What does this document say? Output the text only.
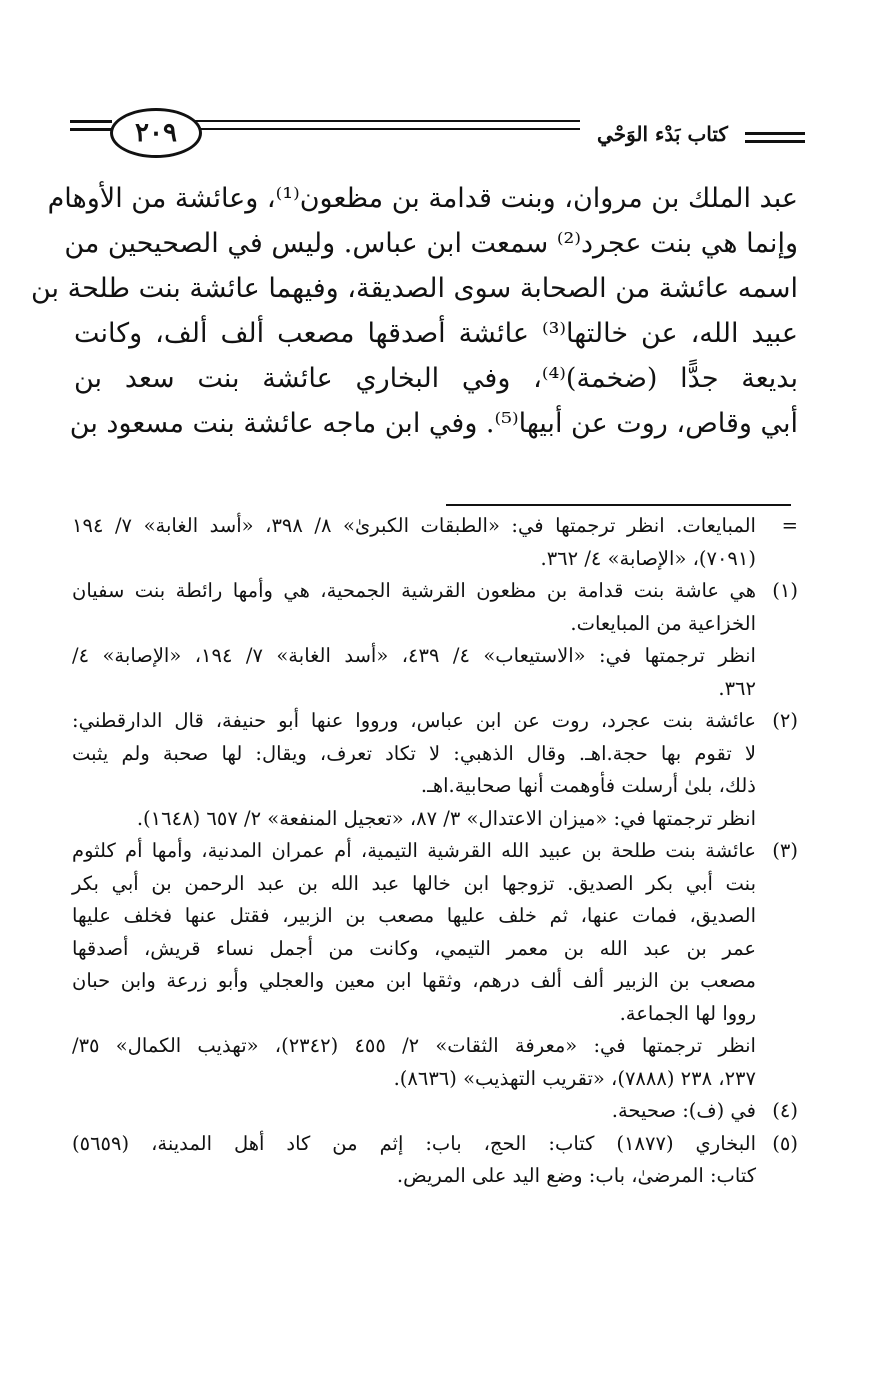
٢٠٩	كتاب بَدْء الوَحْي

عبد الملك بن مروان، وبنت قدامة بن مظعون⁽¹⁾، وعائشة من الأوهام

وإنما هي بنت عجرد⁽²⁾ سمعت ابن عباس. وليس في الصحيحين من

اسمه عائشة من الصحابة سوى الصديقة، وفيهما عائشة بنت طلحة بن

عبيد الله، عن خالتها⁽³⁾ عائشة أصدقها مصعب ألف ألف، وكانت

بديعة جدًّا (ضخمة)⁽⁴⁾، وفي البخاري عائشة بنت سعد بن

أبي وقاص، روت عن أبيها⁽⁵⁾. وفي ابن ماجه عائشة بنت مسعود بن

=
المبايعات. انظر ترجمتها في: «الطبقات الكبرىٰ» ٨/ ٣٩٨، «أسد الغابة» ٧/ ١٩٤
(٧٠٩١)، «الإصابة» ٤/ ٣٦٢.
(١)
هي عاشة بنت قدامة بن مظعون القرشية الجمحية، هي وأمها رائطة بنت سفيان
الخزاعية من المبايعات.
انظر ترجمتها في: «الاستيعاب» ٤/ ٤٣٩، «أسد الغابة» ٧/ ١٩٤، «الإصابة» ٤/
٣٦٢.
(٢)
عائشة بنت عجرد، روت عن ابن عباس، ورووا عنها أبو حنيفة، قال الدارقطني:
لا تقوم بها حجة.اهـ. وقال الذهبي: لا تكاد تعرف، ويقال: لها صحبة ولم يثبت
ذلك، بلىٰ أرسلت فأوهمت أنها صحابية.اهـ.
انظر ترجمتها في: «ميزان الاعتدال» ٣/ ٨٧، «تعجيل المنفعة» ٢/ ٦٥٧ (١٦٤٨).
(٣)
عائشة بنت طلحة بن عبيد الله القرشية التيمية، أم عمران المدنية، وأمها أم كلثوم
بنت أبي بكر الصديق. تزوجها ابن خالها عبد الله بن عبد الرحمن بن أبي بكر
الصديق، فمات عنها، ثم خلف عليها مصعب بن الزبير، فقتل عنها فخلف عليها
عمر بن عبد الله بن معمر التيمي، وكانت من أجمل نساء قريش، أصدقها
مصعب بن الزبير ألف ألف درهم، وثقها ابن معين والعجلي وأبو زرعة وابن حبان
رووا لها الجماعة.
انظر ترجمتها في: «معرفة الثقات» ٢/ ٤٥٥ (٢٣٤٢)، «تهذيب الكمال» ٣٥/
٢٣٧، ٢٣٨ (٧٨٨٨)، «تقريب التهذيب» (٨٦٣٦).
(٤)
في (ف): صحيحة.
(٥)
البخاري (١٨٧٧) كتاب: الحج، باب: إثم من كاد أهل المدينة، (٥٦٥٩)
كتاب: المرضىٰ، باب: وضع اليد على المريض.
